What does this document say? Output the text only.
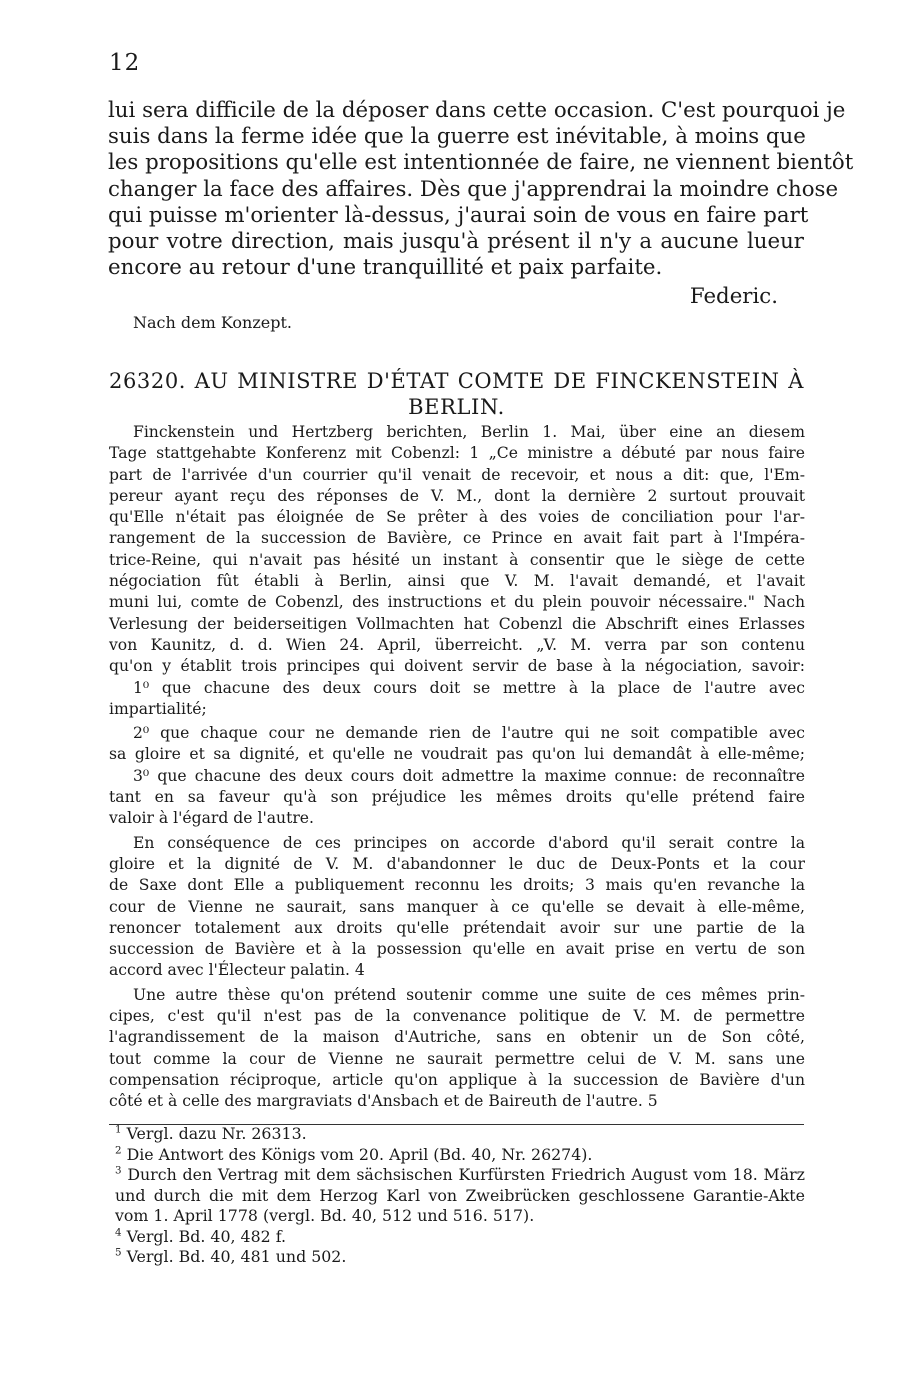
12
lui sera difficile de la déposer dans cette occasion. C'est pourquoi je
suis dans la ferme idée que la guerre est inévitable, à moins que
les propositions qu'elle est intentionnée de faire, ne viennent bientôt
changer la face des affaires. Dès que j'apprendrai la moindre chose
qui puisse m'orienter là-dessus, j'aurai soin de vous en faire part
pour votre direction, mais jusqu'à présent il n'y a aucune lueur
encore au retour d'une tranquillité et paix parfaite.
Federic.
Nach dem Konzept.
26320. AU MINISTRE D'ÉTAT COMTE DE FINCKENSTEIN À
BERLIN.
Finckenstein und Hertzberg berichten, Berlin 1. Mai, über eine an diesem
Tage stattgehabte Konferenz mit Cobenzl: 1 „Ce ministre a débuté par nous faire
part de l'arrivée d'un courrier qu'il venait de recevoir, et nous a dit: que, l'Em-
pereur ayant reçu des réponses de V. M., dont la dernière 2 surtout prouvait
qu'Elle n'était pas éloignée de Se prêter à des voies de conciliation pour l'ar-
rangement de la succession de Bavière, ce Prince en avait fait part à l'Impéra-
trice-Reine, qui n'avait pas hésité un instant à consentir que le siège de cette
négociation fût établi à Berlin, ainsi que V. M. l'avait demandé, et l'avait
muni lui, comte de Cobenzl, des instructions et du plein pouvoir nécessaire." Nach
Verlesung der beiderseitigen Vollmachten hat Cobenzl die Abschrift eines Erlasses
von Kaunitz, d. d. Wien 24. April, überreicht. „V. M. verra par son contenu
qu'on y établit trois principes qui doivent servir de base à la négociation, savoir:
1⁰ que chacune des deux cours doit se mettre à la place de l'autre avec
impartialité;
2⁰ que chaque cour ne demande rien de l'autre qui ne soit compatible avec
sa gloire et sa dignité, et qu'elle ne voudrait pas qu'on lui demandât à elle-même;
3⁰ que chacune des deux cours doit admettre la maxime connue: de reconnaître
tant en sa faveur qu'à son préjudice les mêmes droits qu'elle prétend faire
valoir à l'égard de l'autre.
En conséquence de ces principes on accorde d'abord qu'il serait contre la
gloire et la dignité de V. M. d'abandonner le duc de Deux-Ponts et la cour
de Saxe dont Elle a publiquement reconnu les droits; 3 mais qu'en revanche la
cour de Vienne ne saurait, sans manquer à ce qu'elle se devait à elle-même,
renoncer totalement aux droits qu'elle prétendait avoir sur une partie de la
succession de Bavière et à la possession qu'elle en avait prise en vertu de son
accord avec l'Électeur palatin. 4
Une autre thèse qu'on prétend soutenir comme une suite de ces mêmes prin-
cipes, c'est qu'il n'est pas de la convenance politique de V. M. de permettre
l'agrandissement de la maison d'Autriche, sans en obtenir un de Son côté,
tout comme la cour de Vienne ne saurait permettre celui de V. M. sans une
compensation réciproque, article qu'on applique à la succession de Bavière d'un
côté et à celle des margraviats d'Ansbach et de Baireuth de l'autre. 5
$^1$ Vergl. dazu Nr. 26313.
$^2$ Die Antwort des Königs vom 20. April (Bd. 40, Nr. 26274).
$^3$ Durch den Vertrag mit dem sächsischen Kurfürsten Friedrich August vom 18. März und durch die mit dem Herzog Karl von Zweibrücken geschlossene Garantie-Akte vom 1. April 1778 (vergl. Bd. 40, 512 und 516. 517).
$^4$ Vergl. Bd. 40, 482 f.
$^5$ Vergl. Bd. 40, 481 und 502.
